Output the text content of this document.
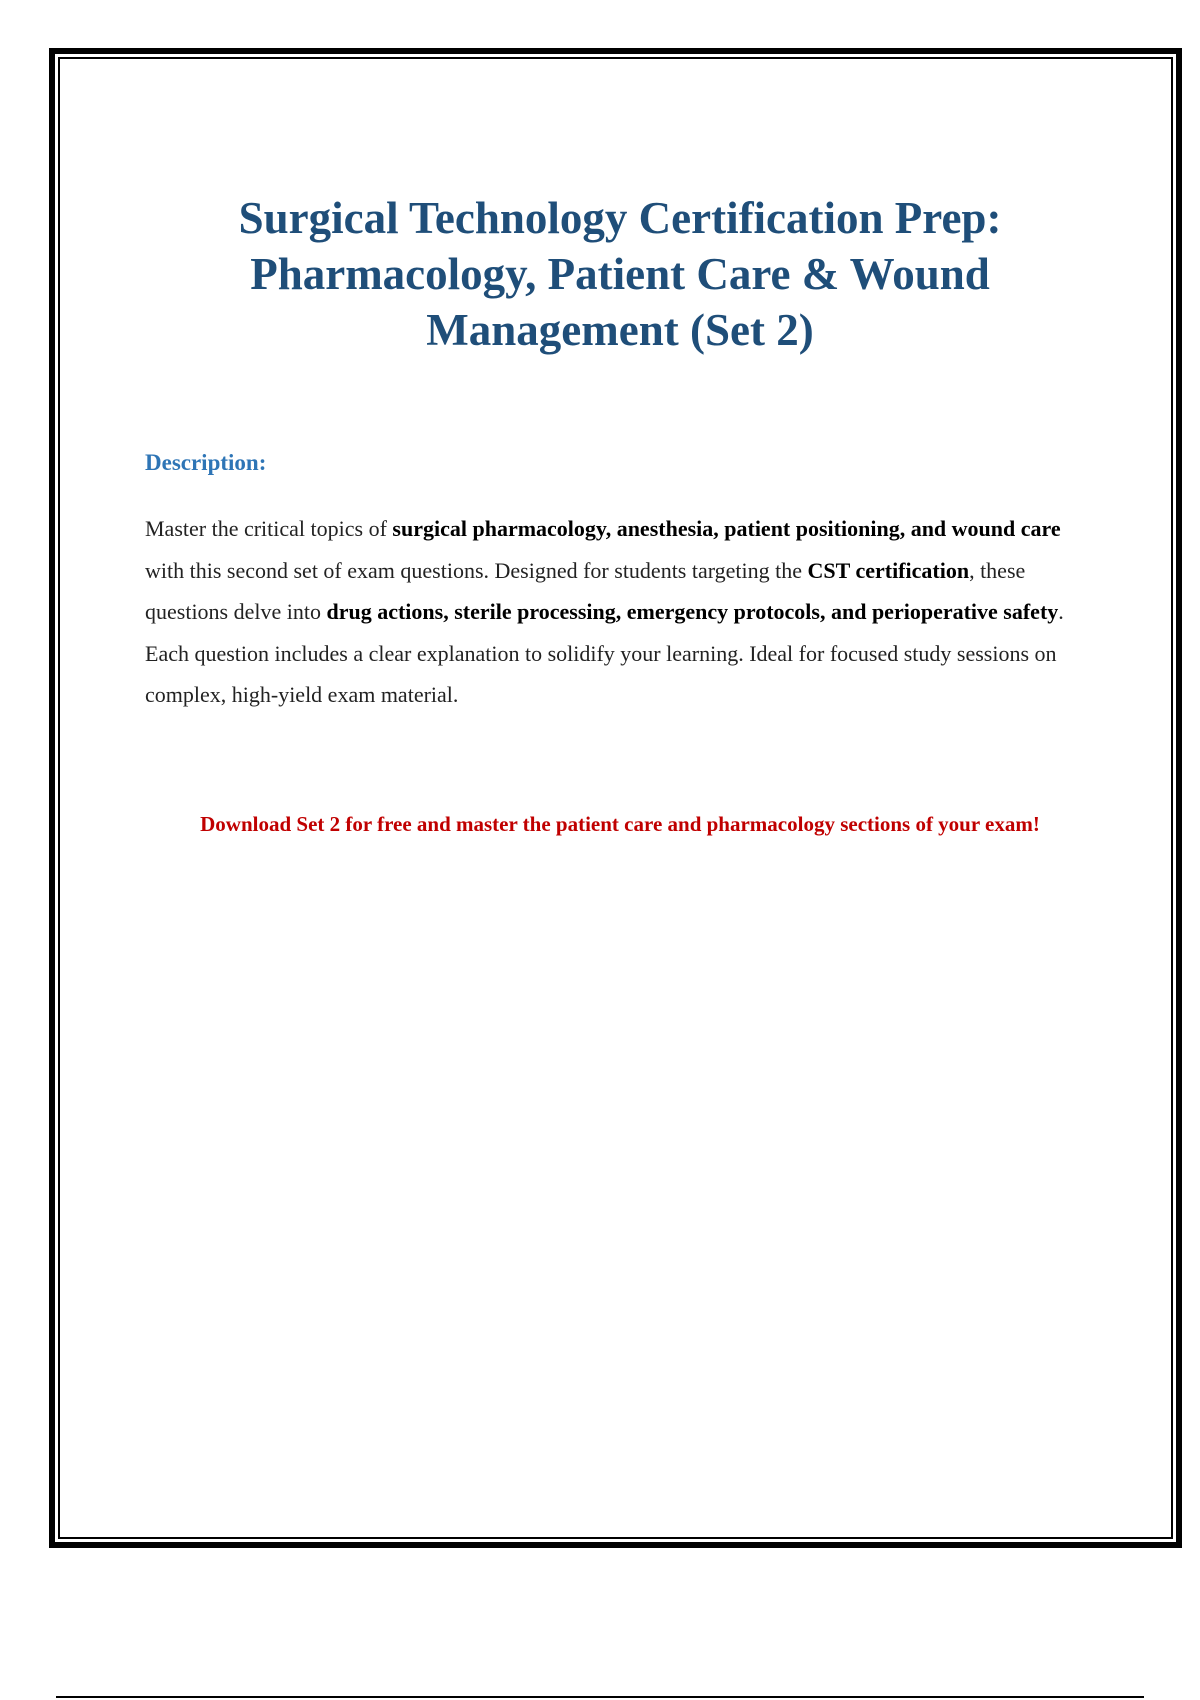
Surgical Technology Certification Prep: Pharmacology, Patient Care & Wound Management (Set 2)
Description:

Master the critical topics of surgical pharmacology, anesthesia, patient positioning, and wound care with this second set of exam questions. Designed for students targeting the CST certification, these questions delve into drug actions, sterile processing, emergency protocols, and perioperative safety. Each question includes a clear explanation to solidify your learning. Ideal for focused study sessions on complex, high-yield exam material.

Download Set 2 for free and master the patient care and pharmacology sections of your exam!
